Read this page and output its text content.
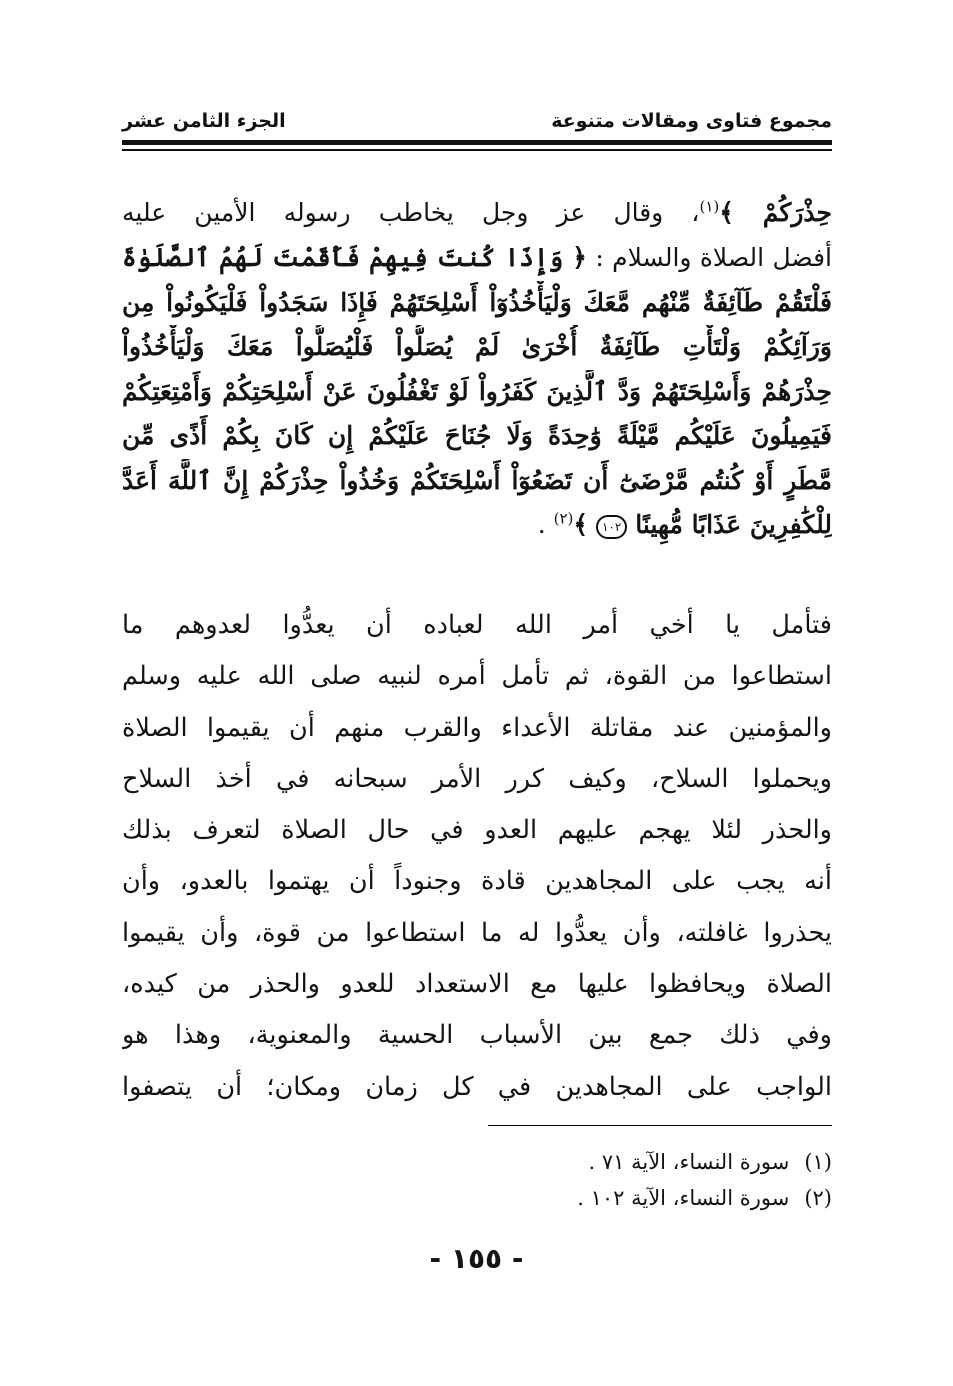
مجموع فتاوى ومقالات متنوعة
الجزء الثامن عشر
حِذْرَكُمْ ﴾$^{(١)}$، وقال عز وجل يخاطب رسوله الأمين عليه
أفضل الصلاة والسلام : ﴿ وَإِذَا كُنتَ فِيهِمْ فَأَقَمْتَ لَهُمُ ٱلصَّلَوٰةَ
فَلْتَقُمْ طَآئِفَةٌ مِّنْهُم مَّعَكَ وَلْيَأْخُذُوٓاْ أَسْلِحَتَهُمْ فَإِذَا سَجَدُواْ فَلْيَكُونُواْ مِن
وَرَآئِكُمْ وَلْتَأْتِ طَآئِفَةٌ أُخْرَىٰ لَمْ يُصَلُّواْ فَلْيُصَلُّواْ مَعَكَ وَلْيَأْخُذُواْ
حِذْرَهُمْ وَأَسْلِحَتَهُمْ وَدَّ ٱلَّذِينَ كَفَرُواْ لَوْ تَغْفُلُونَ عَنْ أَسْلِحَتِكُمْ وَأَمْتِعَتِكُمْ
فَيَمِيلُونَ عَلَيْكُم مَّيْلَةً وَٰحِدَةً وَلَا جُنَاحَ عَلَيْكُمْ إِن كَانَ بِكُمْ أَذًى مِّن
مَّطَرٍ أَوْ كُنتُم مَّرْضَىٰٓ أَن تَضَعُوٓاْ أَسْلِحَتَكُمْ وَخُذُواْ حِذْرَكُمْ إِنَّ ٱللَّهَ أَعَدَّ
لِلْكَٰفِرِينَ عَذَابًا مُّهِينًا ١٠٢ ﴾$^{(٢)}$ .
فتأمل يا أخي أمر الله لعباده أن يعدُّوا لعدوهم ما
استطاعوا من القوة، ثم تأمل أمره لنبيه صلى الله عليه وسلم
والمؤمنين عند مقاتلة الأعداء والقرب منهم أن يقيموا الصلاة
ويحملوا السلاح، وكيف كرر الأمر سبحانه في أخذ السلاح
والحذر لئلا يهجم عليهم العدو في حال الصلاة لتعرف بذلك
أنه يجب على المجاهدين قادة وجنوداً أن يهتموا بالعدو، وأن
يحذروا غافلته، وأن يعدُّوا له ما استطاعوا من قوة، وأن يقيموا
الصلاة ويحافظوا عليها مع الاستعداد للعدو والحذر من كيده،
وفي ذلك جمع بين الأسباب الحسية والمعنوية، وهذا هو
الواجب على المجاهدين في كل زمان ومكان؛ أن يتصفوا
(١) سورة النساء، الآية ٧١ .
(٢) سورة النساء، الآية ١٠٢ .
- ١٥٥ -
